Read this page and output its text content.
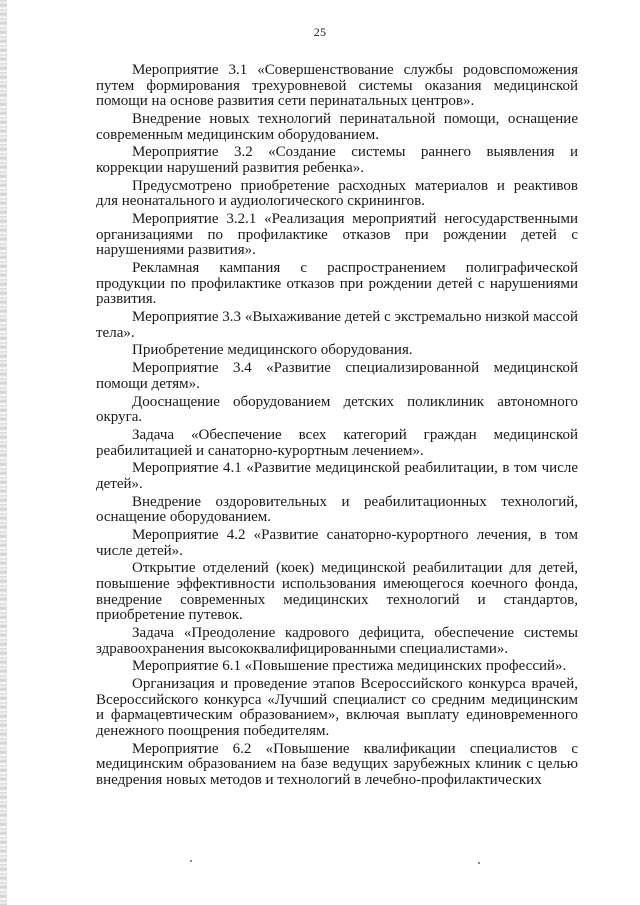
25

Мероприятие 3.1 «Совершенствование службы родовспоможения путем формирования трехуровневой системы оказания медицинской помощи на основе развития сети перинатальных центров».

Внедрение новых технологий перинатальной помощи, оснащение современным медицинским оборудованием.

Мероприятие 3.2 «Создание системы раннего выявления и коррекции нарушений развития ребенка».

Предусмотрено приобретение расходных материалов и реактивов для неонатального и аудиологического скринингов.

Мероприятие 3.2.1 «Реализация мероприятий негосударственными организациями по профилактике отказов при рождении детей с нарушениями развития».

Рекламная кампания с распространением полиграфической продукции по профилактике отказов при рождении детей с нарушениями развития.

Мероприятие 3.3 «Выхаживание детей с экстремально низкой массой тела».

Приобретение медицинского оборудования.

Мероприятие 3.4 «Развитие специализированной медицинской помощи детям».

Дооснащение оборудованием детских поликлиник автономного округа.

Задача «Обеспечение всех категорий граждан медицинской реабилитацией и санаторно-курортным лечением».

Мероприятие 4.1 «Развитие медицинской реабилитации, в том числе детей».

Внедрение оздоровительных и реабилитационных технологий, оснащение оборудованием.

Мероприятие 4.2 «Развитие санаторно-курортного лечения, в том числе детей».

Открытие отделений (коек) медицинской реабилитации для детей, повышение эффективности использования имеющегося коечного фонда, внедрение современных медицинских технологий и стандартов, приобретение путевок.

Задача «Преодоление кадрового дефицита, обеспечение системы здравоохранения высококвалифицированными специалистами».

Мероприятие 6.1 «Повышение престижа медицинских профессий».

Организация и проведение этапов Всероссийского конкурса врачей, Всероссийского конкурса «Лучший специалист со средним медицинским и фармацевтическим образованием», включая выплату единовременного денежного поощрения победителям.

Мероприятие 6.2 «Повышение квалификации специалистов с медицинским образованием на базе ведущих зарубежных клиник с целью внедрения новых методов и технологий в лечебно-профилактических
